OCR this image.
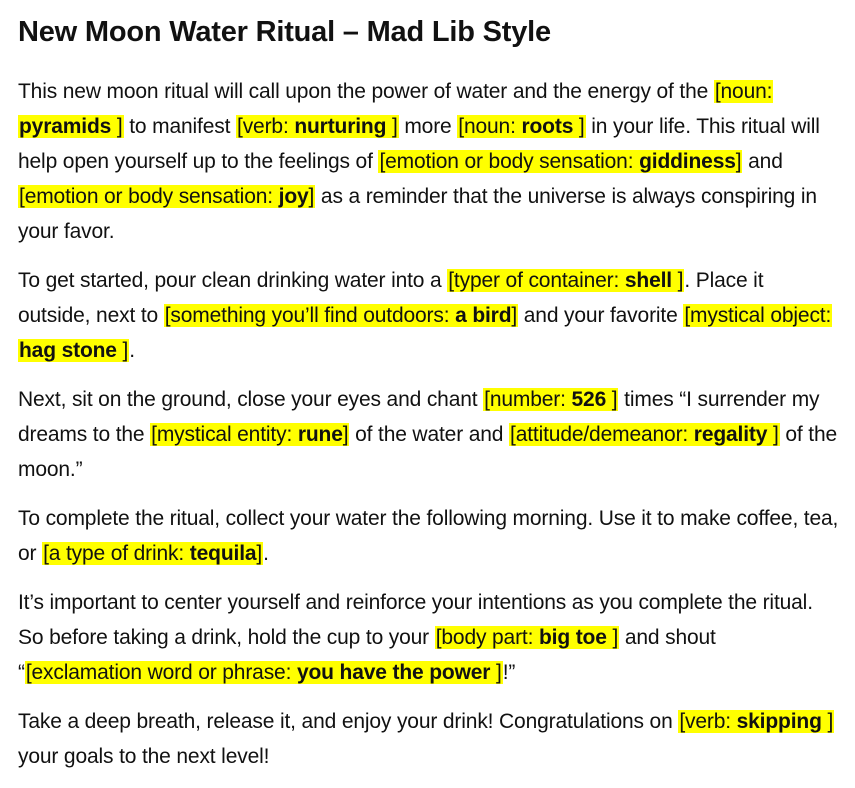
New Moon Water Ritual – Mad Lib Style

This new moon ritual will call upon the power of water and the energy of the [noun: pyramids ] to manifest [verb: nurturing ] more [noun: roots ] in your life. This ritual will help open yourself up to the feelings of [emotion or body sensation: giddiness] and [emotion or body sensation: joy] as a reminder that the universe is always conspiring in your favor.

To get started, pour clean drinking water into a [typer of container: shell ]. Place it outside, next to [something you’ll find outdoors: a bird] and your favorite [mystical object: hag stone ].

Next, sit on the ground, close your eyes and chant [number: 526 ] times “I surrender my dreams to the [mystical entity: rune] of the water and [attitude/demeanor: regality ] of the moon.”

To complete the ritual, collect your water the following morning. Use it to make coffee, tea, or [a type of drink: tequila].

It’s important to center yourself and reinforce your intentions as you complete the ritual. So before taking a drink, hold the cup to your [body part: big toe ] and shout “[exclamation word or phrase: you have the power ]!”

Take a deep breath, release it, and enjoy your drink! Congratulations on [verb: skipping ] your goals to the next level!
